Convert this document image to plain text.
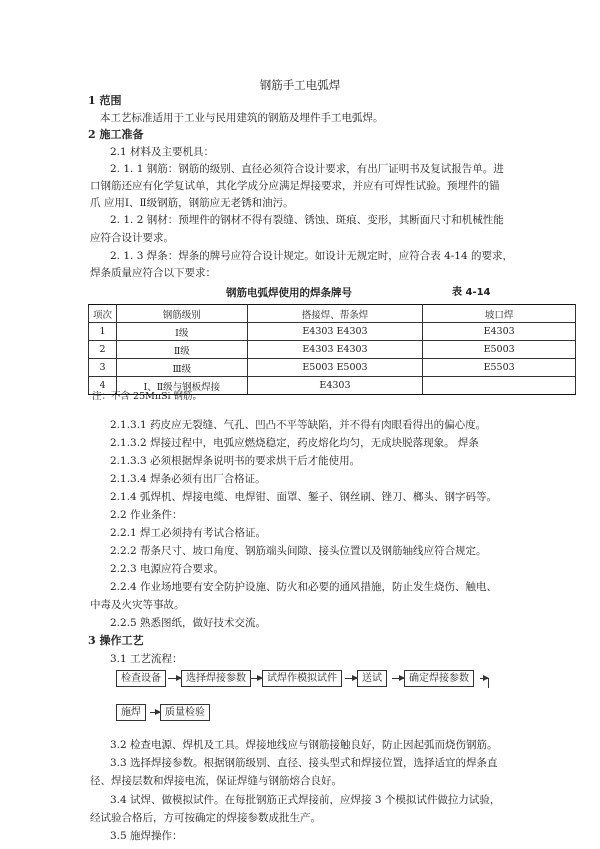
钢筋手工电弧焊
1 范围
本工艺标准适用于工业与民用建筑的钢筋及埋件手工电弧焊。
2 施工准备
2.1 材料及主要机具：
2. 1. 1 钢筋：钢筋的级别、直径必须符合设计要求，有出厂证明书及复试报告单。进
口钢筋还应有化学复试单，其化学成分应满足焊接要求，并应有可焊性试验。预埋件的锚
爪 应用Ⅰ、Ⅱ级钢筋，钢筋应无老锈和油污。
2. 1. 2 钢材：预埋件的钢材不得有裂缝、锈蚀、斑痕、变形，其断面尺寸和机械性能
应符合设计要求。
2. 1. 3 焊条：焊条的牌号应符合设计规定。如设计无规定时，应符合表 4-14 的要求，
焊条质量应符合以下要求：
钢筋电弧焊使用的焊条牌号	表 4-14
项次	钢筋级别	搭接焊、帮条焊	坡口焊
1	Ⅰ级	E4303 E4303	E4303
2	Ⅱ级	E4303 E4303	E5003
3	Ⅲ级	E5003 E5003	E5503
4	Ⅰ、Ⅱ级与钢板焊接	E4303	
注：不含 25MnSi 钢筋。
2.1.3.1 药皮应无裂缝、气孔、凹凸不平等缺陷，并不得有肉眼看得出的偏心度。
2.1.3.2 焊接过程中，电弧应燃烧稳定，药皮熔化均匀，无成块脱落现象。 焊条
2.1.3.3 必须根据焊条说明书的要求烘干后才能使用。
2.1.3.4 焊条必须有出厂合格证。
2.1.4 弧焊机、焊接电缆、电焊钳、面罩、錾子、钢丝刷、锉刀、榔头、钢字码等。
2.2 作业条件：
2.2.1 焊工必须持有考试合格证。
2.2.2 帮条尺寸、坡口角度、钢筋端头间隙、接头位置以及钢筋轴线应符合规定。
2.2.3 电源应符合要求。
2.2.4 作业场地要有安全防护设施、防火和必要的通风措施，防止发生烧伤、触电、
中毒及火灾等事故。
2.2.5 熟悉图纸，做好技术交流。
3 操作工艺
3.1 工艺流程：
检查设备	选择焊接参数	试焊作模拟试件	送试	确定焊接参数
施焊	质量检验
3.2 检查电源、焊机及工具。焊接地线应与钢筋接触良好，防止因起弧而烧伤钢筋。
3.3 选择焊接参数。根据钢筋级别、直径、接头型式和焊接位置，选择适宜的焊条直
径、焊接层数和焊接电流，保证焊缝与钢筋熔合良好。
3.4 试焊、做模拟试件。在每批钢筋正式焊接前，应焊接 3 个模拟试件做拉力试验，
经试验合格后，方可按确定的焊接参数成批生产。
3.5 施焊操作：
